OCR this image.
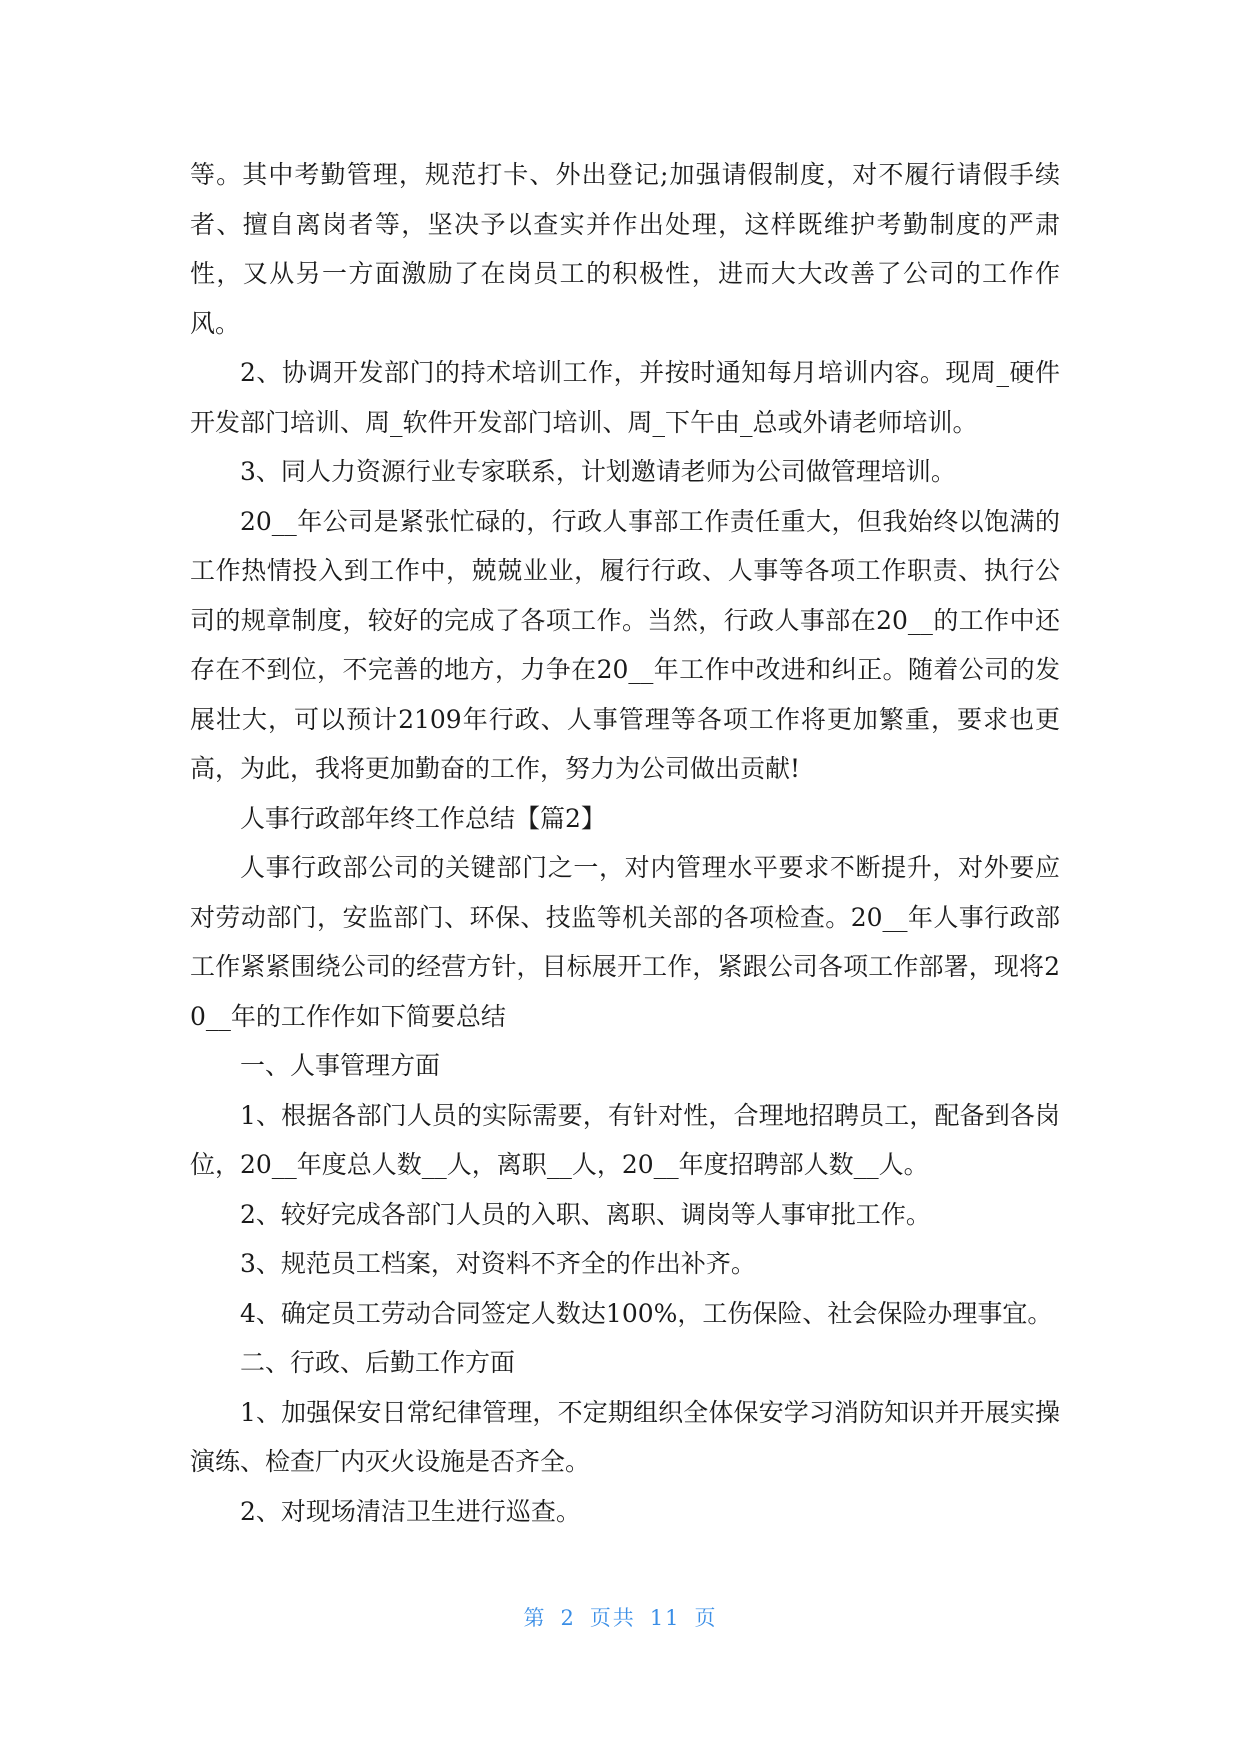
等。其中考勤管理，规范打卡、外出登记;加强请假制度，对不履行请假手续者、擅自离岗者等，坚决予以查实并作出处理，这样既维护考勤制度的严肃性，又从另一方面激励了在岗员工的积极性，进而大大改善了公司的工作作风。

2、协调开发部门的持术培训工作，并按时通知每月培训内容。现周_硬件开发部门培训、周_软件开发部门培训、周_下午由_总或外请老师培训。

3、同人力资源行业专家联系，计划邀请老师为公司做管理培训。

20__年公司是紧张忙碌的，行政人事部工作责任重大，但我始终以饱满的工作热情投入到工作中，兢兢业业，履行行政、人事等各项工作职责、执行公司的规章制度，较好的完成了各项工作。当然，行政人事部在20__的工作中还存在不到位，不完善的地方，力争在20__年工作中改进和纠正。随着公司的发展壮大，可以预计2109年行政、人事管理等各项工作将更加繁重，要求也更高，为此，我将更加勤奋的工作，努力为公司做出贡献!

人事行政部年终工作总结【篇2】

人事行政部公司的关键部门之一，对内管理水平要求不断提升，对外要应对劳动部门，安监部门、环保、技监等机关部的各项检查。20__年人事行政部工作紧紧围绕公司的经营方针，目标展开工作，紧跟公司各项工作部署，现将20__年的工作作如下简要总结

一、人事管理方面

1、根据各部门人员的实际需要，有针对性，合理地招聘员工，配备到各岗位，20__年度总人数__人，离职__人，20__年度招聘部人数__人。

2、较好完成各部门人员的入职、离职、调岗等人事审批工作。

3、规范员工档案，对资料不齐全的作出补齐。

4、确定员工劳动合同签定人数达100%，工伤保险、社会保险办理事宜。

二、行政、后勤工作方面

1、加强保安日常纪律管理，不定期组织全体保安学习消防知识并开展实操演练、检查厂内灭火设施是否齐全。

2、对现场清洁卫生进行巡查。

第 2 页共 11 页
